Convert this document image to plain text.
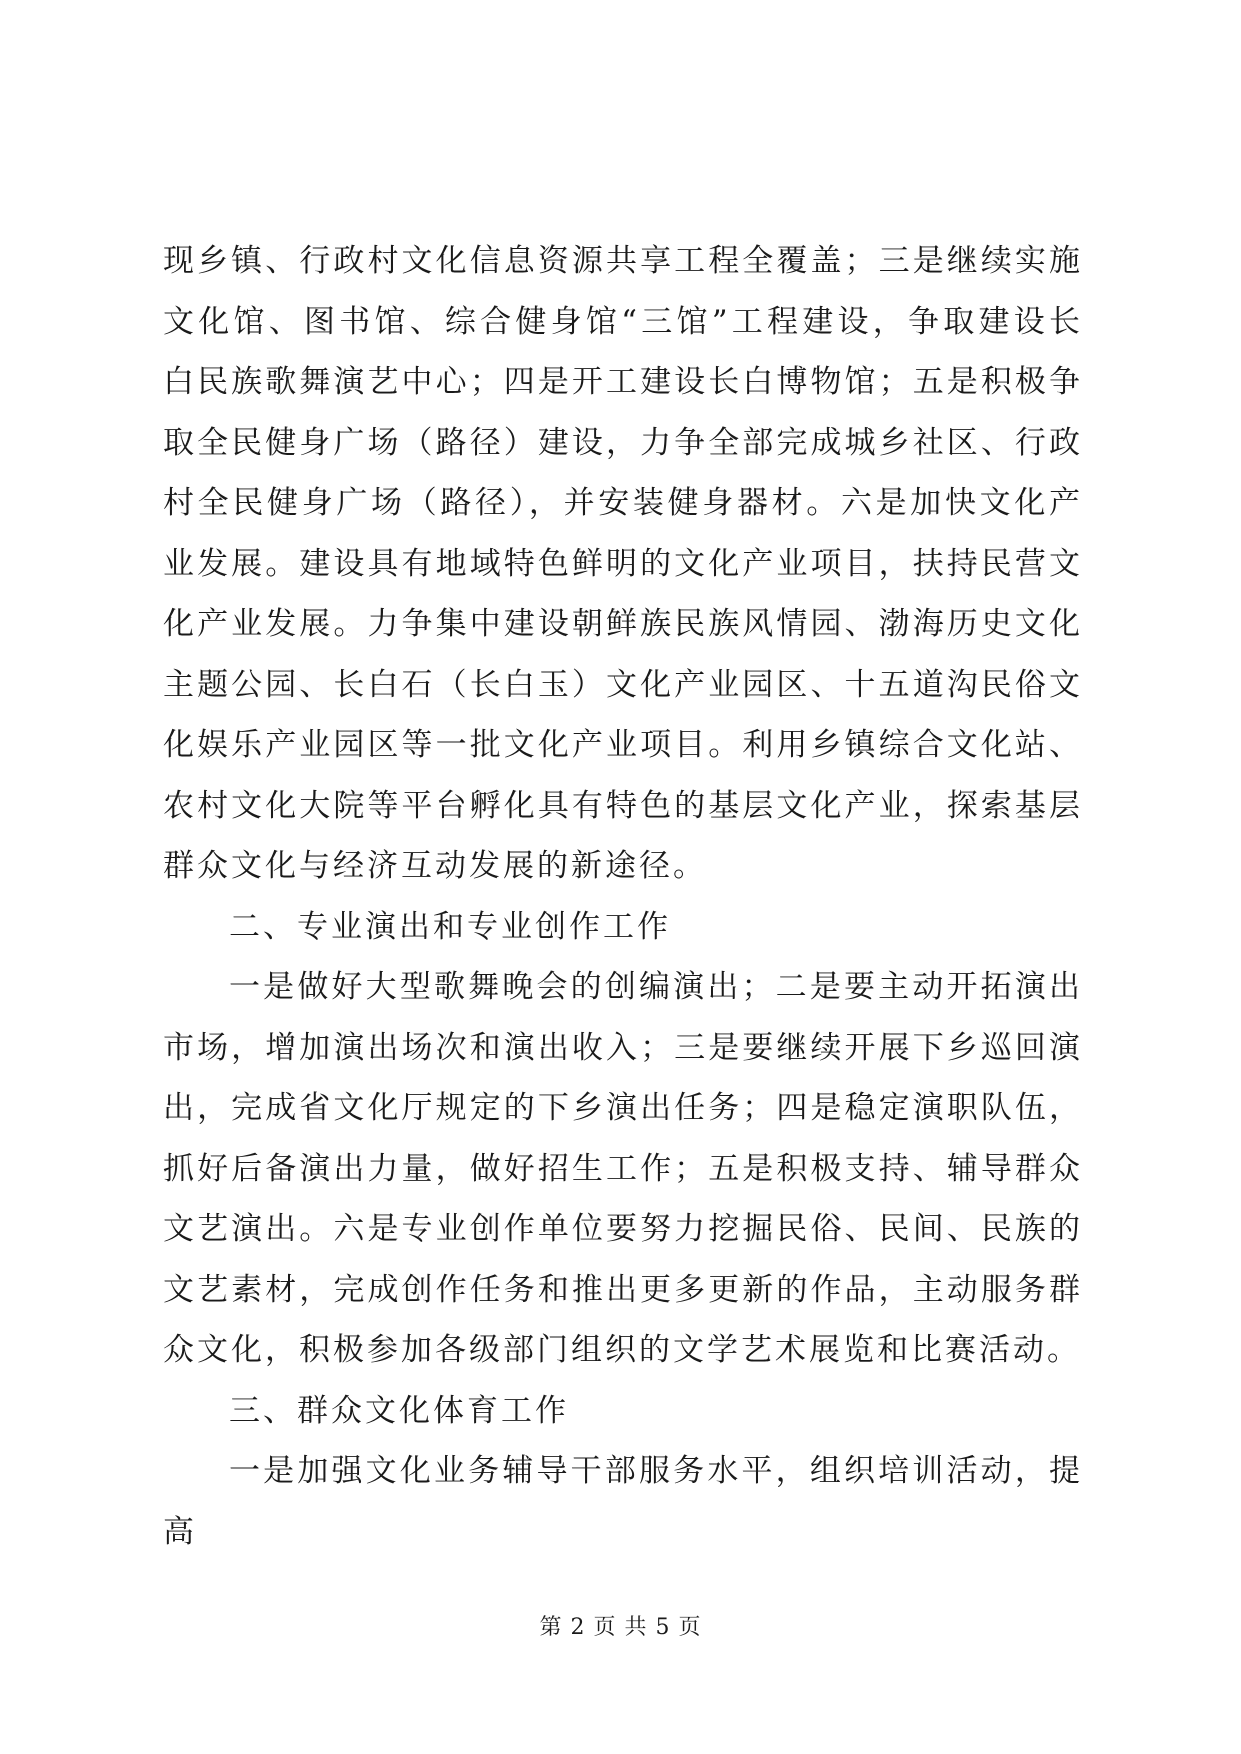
现乡镇、行政村文化信息资源共享工程全覆盖；三是继续实施文化馆、图书馆、综合健身馆“三馆”工程建设，争取建设长白民族歌舞演艺中心；四是开工建设长白博物馆；五是积极争取全民健身广场（路径）建设，力争全部完成城乡社区、行政村全民健身广场（路径），并安装健身器材。六是加快文化产业发展。建设具有地域特色鲜明的文化产业项目，扶持民营文化产业发展。力争集中建设朝鲜族民族风情园、渤海历史文化主题公园、长白石（长白玉）文化产业园区、十五道沟民俗文化娱乐产业园区等一批文化产业项目。利用乡镇综合文化站、农村文化大院等平台孵化具有特色的基层文化产业，探索基层群众文化与经济互动发展的新途径。

二、专业演出和专业创作工作

一是做好大型歌舞晚会的创编演出；二是要主动开拓演出市场，增加演出场次和演出收入；三是要继续开展下乡巡回演出，完成省文化厅规定的下乡演出任务；四是稳定演职队伍，抓好后备演出力量，做好招生工作；五是积极支持、辅导群众文艺演出。六是专业创作单位要努力挖掘民俗、民间、民族的文艺素材，完成创作任务和推出更多更新的作品，主动服务群众文化，积极参加各级部门组织的文学艺术展览和比赛活动。

三、群众文化体育工作

一是加强文化业务辅导干部服务水平，组织培训活动，提高

第 2 页 共 5 页
